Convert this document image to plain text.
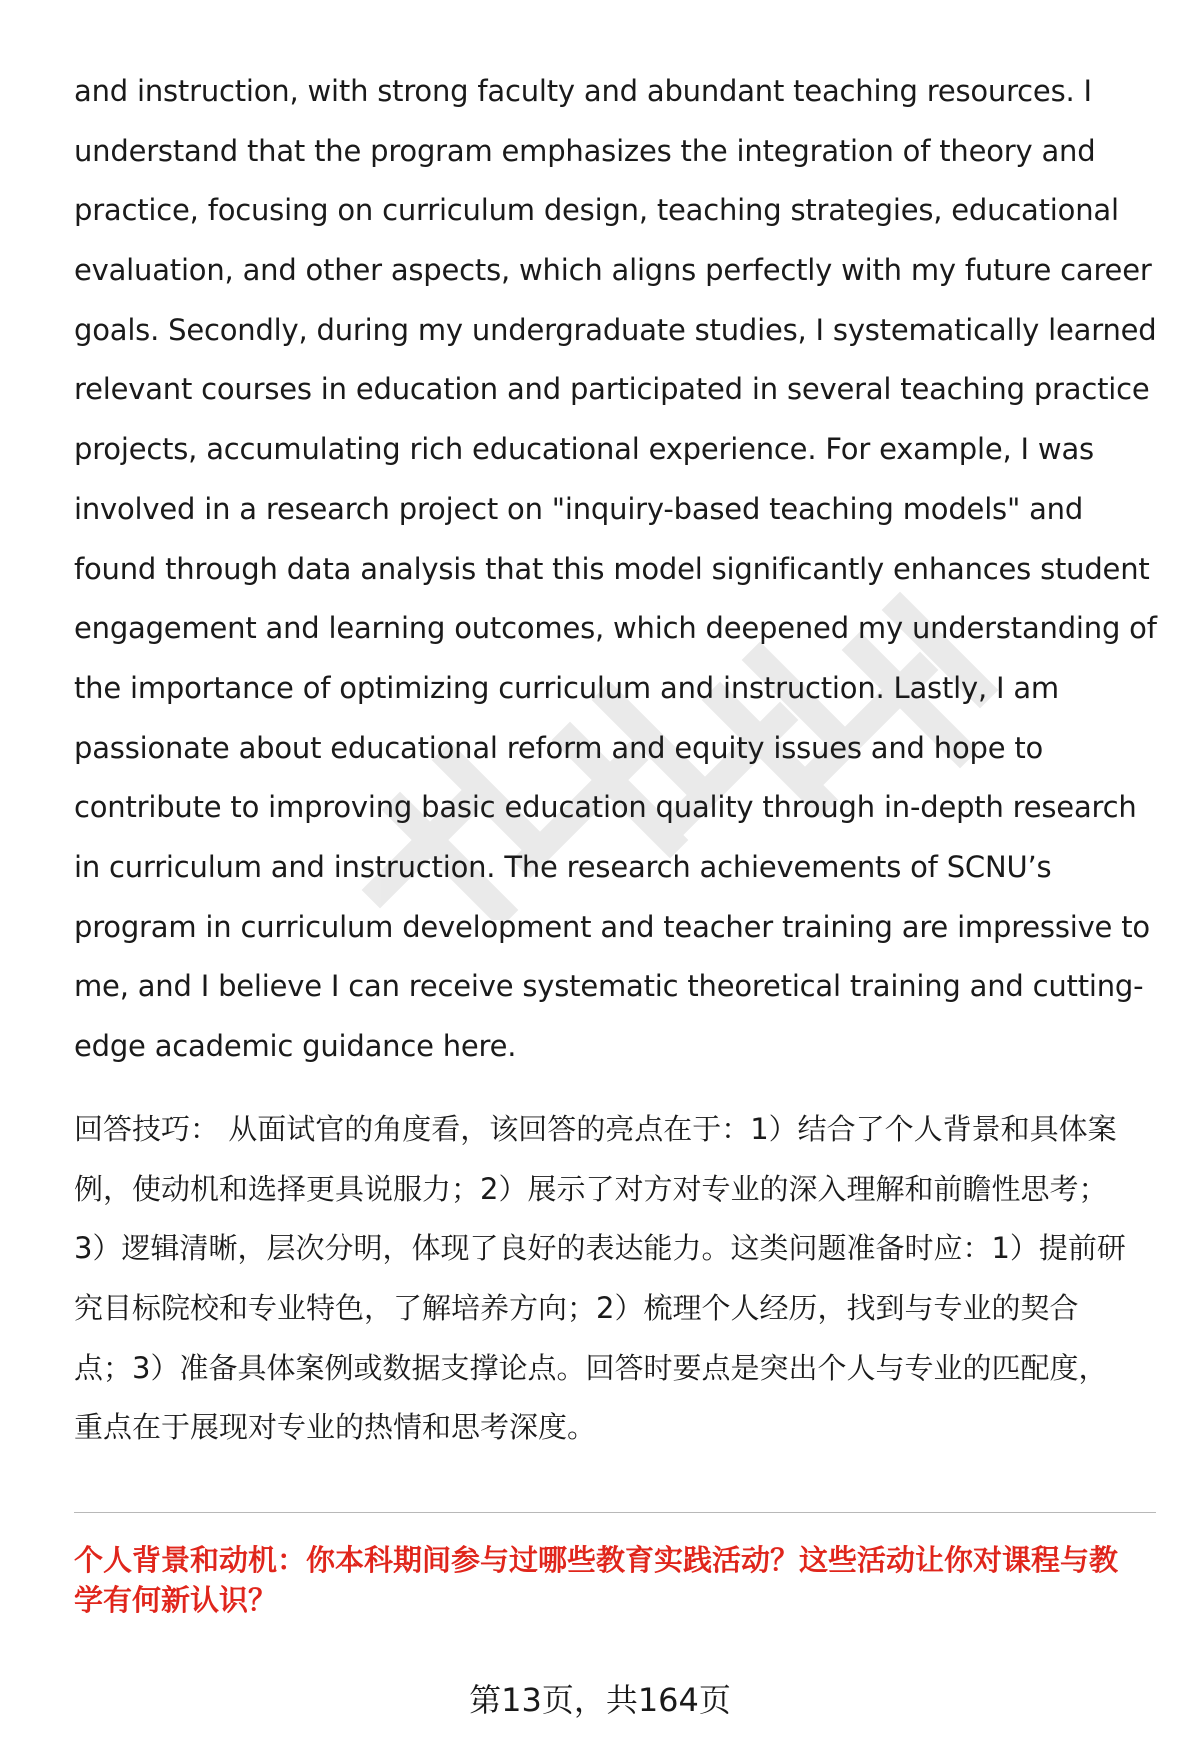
and instruction, with strong faculty and abundant teaching resources. I
understand that the program emphasizes the integration of theory and
practice, focusing on curriculum design, teaching strategies, educational
evaluation, and other aspects, which aligns perfectly with my future career
goals. Secondly, during my undergraduate studies, I systematically learned
relevant courses in education and participated in several teaching practice
projects, accumulating rich educational experience. For example, I was
involved in a research project on "inquiry-based teaching models" and
found through data analysis that this model significantly enhances student
engagement and learning outcomes, which deepened my understanding of
the importance of optimizing curriculum and instruction. Lastly, I am
passionate about educational reform and equity issues and hope to
contribute to improving basic education quality through in-depth research
in curriculum and instruction. The research achievements of SCNU’s
program in curriculum development and teacher training are impressive to
me, and I believe I can receive systematic theoretical training and cutting-
edge academic guidance here.
回答技巧： 从面试官的角度看，该回答的亮点在于：1）结合了个人背景和具体案
例，使动机和选择更具说服力；2）展示了对方对专业的深入理解和前瞻性思考；
3）逻辑清晰，层次分明，体现了良好的表达能力。这类问题准备时应：1）提前研
究目标院校和专业特色，了解培养方向；2）梳理个人经历，找到与专业的契合
点；3）准备具体案例或数据支撑论点。回答时要点是突出个人与专业的匹配度，
重点在于展现对专业的热情和思考深度。
个人背景和动机：你本科期间参与过哪些教育实践活动？这些活动让你对课程与教
学有何新认识？
第13页，共164页
